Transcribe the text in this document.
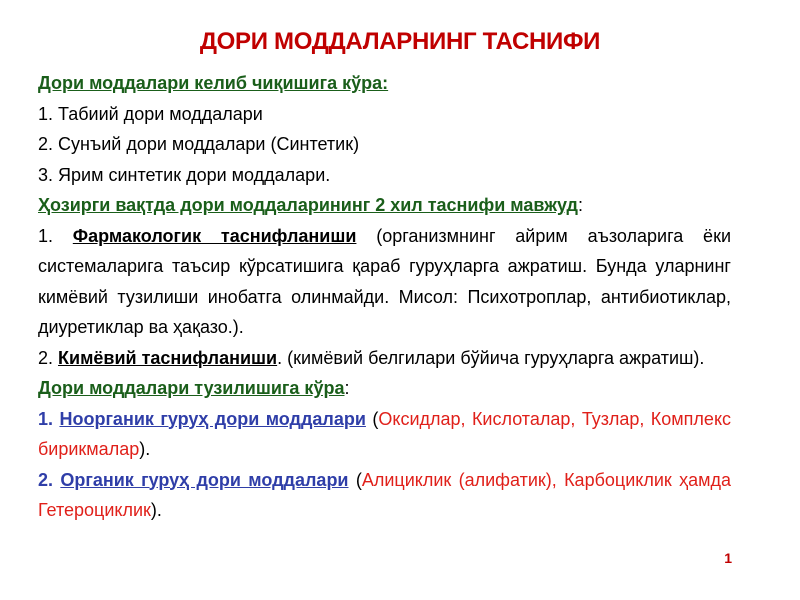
ДОРИ МОДДАЛАРНИНГ ТАСНИФИ

Дори моддалари келиб чиқишига кўра:

1. Табиий дори моддалари

2. Сунъий дори моддалари (Синтетик)

3. Ярим синтетик дори моддалари.

Ҳозирги вақтда дори моддаларининг 2 хил таснифи мавжуд:

1. Фармакологик таснифланиши (организмнинг айрим аъзоларига ёки системаларига таъсир кўрсатишига қараб гуруҳларга ажратиш. Бунда уларнинг кимёвий тузилиши инобатга олинмайди. Мисол: Психотроплар, антибиотиклар, диуретиклар ва ҳақазо.).

2. Кимёвий таснифланиши. (кимёвий белгилари бўйича гуруҳларга ажратиш).

Дори моддалари тузилишига кўра:

1. Ноорганик гуруҳ дори моддалари (Оксидлар, Кислоталар, Тузлар, Комплекс бирикмалар).

2. Органик гуруҳ дори моддалари (Алициклик (алифатик), Карбоциклик ҳамда Гетероциклик).

1
